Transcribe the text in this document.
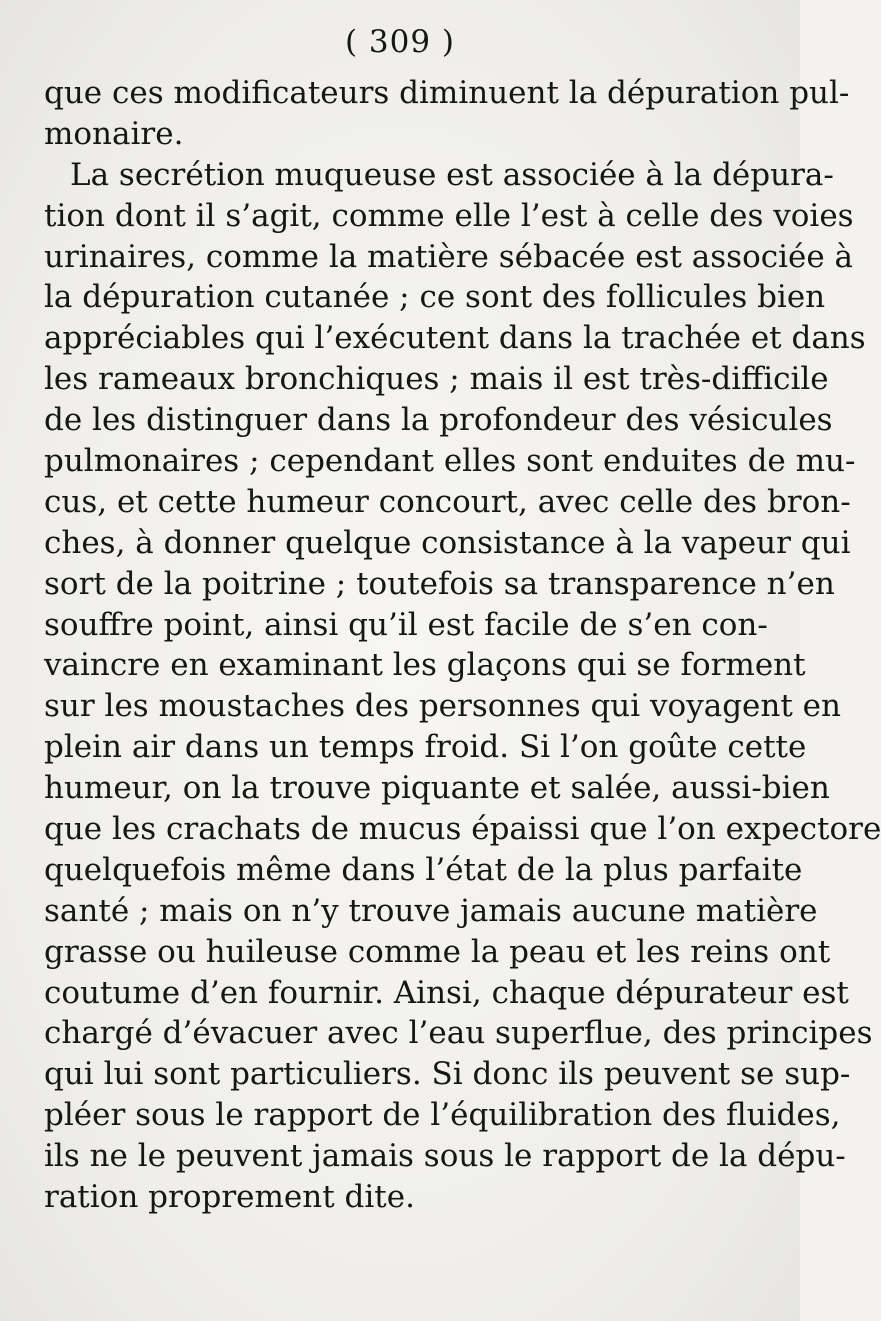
( 309 )
que ces modificateurs diminuent la dépuration pul-
monaire.
La secrétion muqueuse est associée à la dépura-
tion dont il s’agit, comme elle l’est à celle des voies
urinaires, comme la matière sébacée est associée à
la dépuration cutanée ; ce sont des follicules bien
appréciables qui l’exécutent dans la trachée et dans
les rameaux bronchiques ; mais il est très-difficile
de les distinguer dans la profondeur des vésicules
pulmonaires ; cependant elles sont enduites de mu-
cus, et cette humeur concourt, avec celle des bron-
ches, à donner quelque consistance à la vapeur qui
sort de la poitrine ; toutefois sa transparence n’en
souffre point, ainsi qu’il est facile de s’en con-
vaincre en examinant les glaçons qui se forment
sur les moustaches des personnes qui voyagent en
plein air dans un temps froid. Si l’on goûte cette
humeur, on la trouve piquante et salée, aussi-bien
que les crachats de mucus épaissi que l’on expectore
quelquefois même dans l’état de la plus parfaite
santé ; mais on n’y trouve jamais aucune matière
grasse ou huileuse comme la peau et les reins ont
coutume d’en fournir. Ainsi, chaque dépurateur est
chargé d’évacuer avec l’eau superflue, des principes
qui lui sont particuliers. Si donc ils peuvent se sup-
pléer sous le rapport de l’équilibration des fluides,
ils ne le peuvent jamais sous le rapport de la dépu-
ration proprement dite.
